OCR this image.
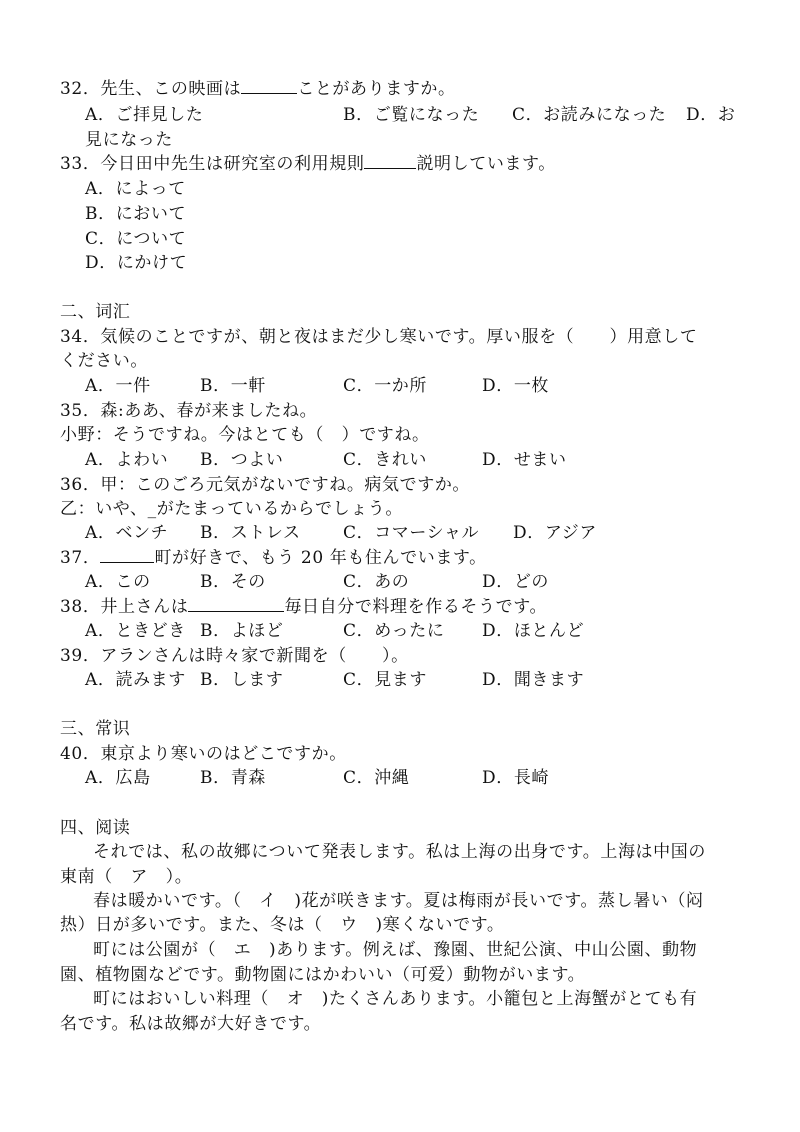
32．先生、この映画は	ことがありますか。
A．ご拝見した	B．ご覧になった C．お読みになった D．お
見になった
33．今日田中先生は研究室の利用規則	説明しています。
A．によって
B．において
C．について
D．にかけて
二、词汇
34．気候のことですが、朝と夜はまだ少し寒いです。厚い服を（　　）用意して
ください。
A．一件	B．一軒	C．一か所	D．一枚
35．森:ああ、春が来ましたね。
小野：そうですね。今はとても（　）ですね。
A．よわい B．つよい	C．きれい	D．せまい
36．甲：このごろ元気がないですね。病気ですか。
乙：いや、_がたまっているからでしょう。
A．ベンチ B．ストレス C．コマーシャル D．アジア
37．	町が好きで、もう 20 年も住んでいます。
A．この	B．その	C．あの	D．どの
38．井上さんは	毎日自分で料理を作るそうです。
A．ときどき B．よほど	C．めったに D．ほとんど
39．アランさんは時々家で新聞を（　　）。
A．読みます B．します	C．見ます	D．聞きます
三、常识
40．東京より寒いのはどこですか。
A．広島	B．青森	C．沖縄	D．長崎
四、阅读
それでは、私の故郷について発表します。私は上海の出身です。上海は中国の
東南（　ア　）。
春は暖かいです。（　イ　)花が咲きます。夏は梅雨が長いです。蒸し暑い（闷
热）日が多いです。また、冬は（　ウ　)寒くないです。
町には公園が（　エ　)あります。例えば、豫園、世紀公演、中山公園、動物
園、植物園などです。動物園にはかわいい（可爱）動物がいます。
町にはおいしい料理（　オ　)たくさんあります。小籠包と上海蟹がとても有
名です。私は故郷が大好きです。
